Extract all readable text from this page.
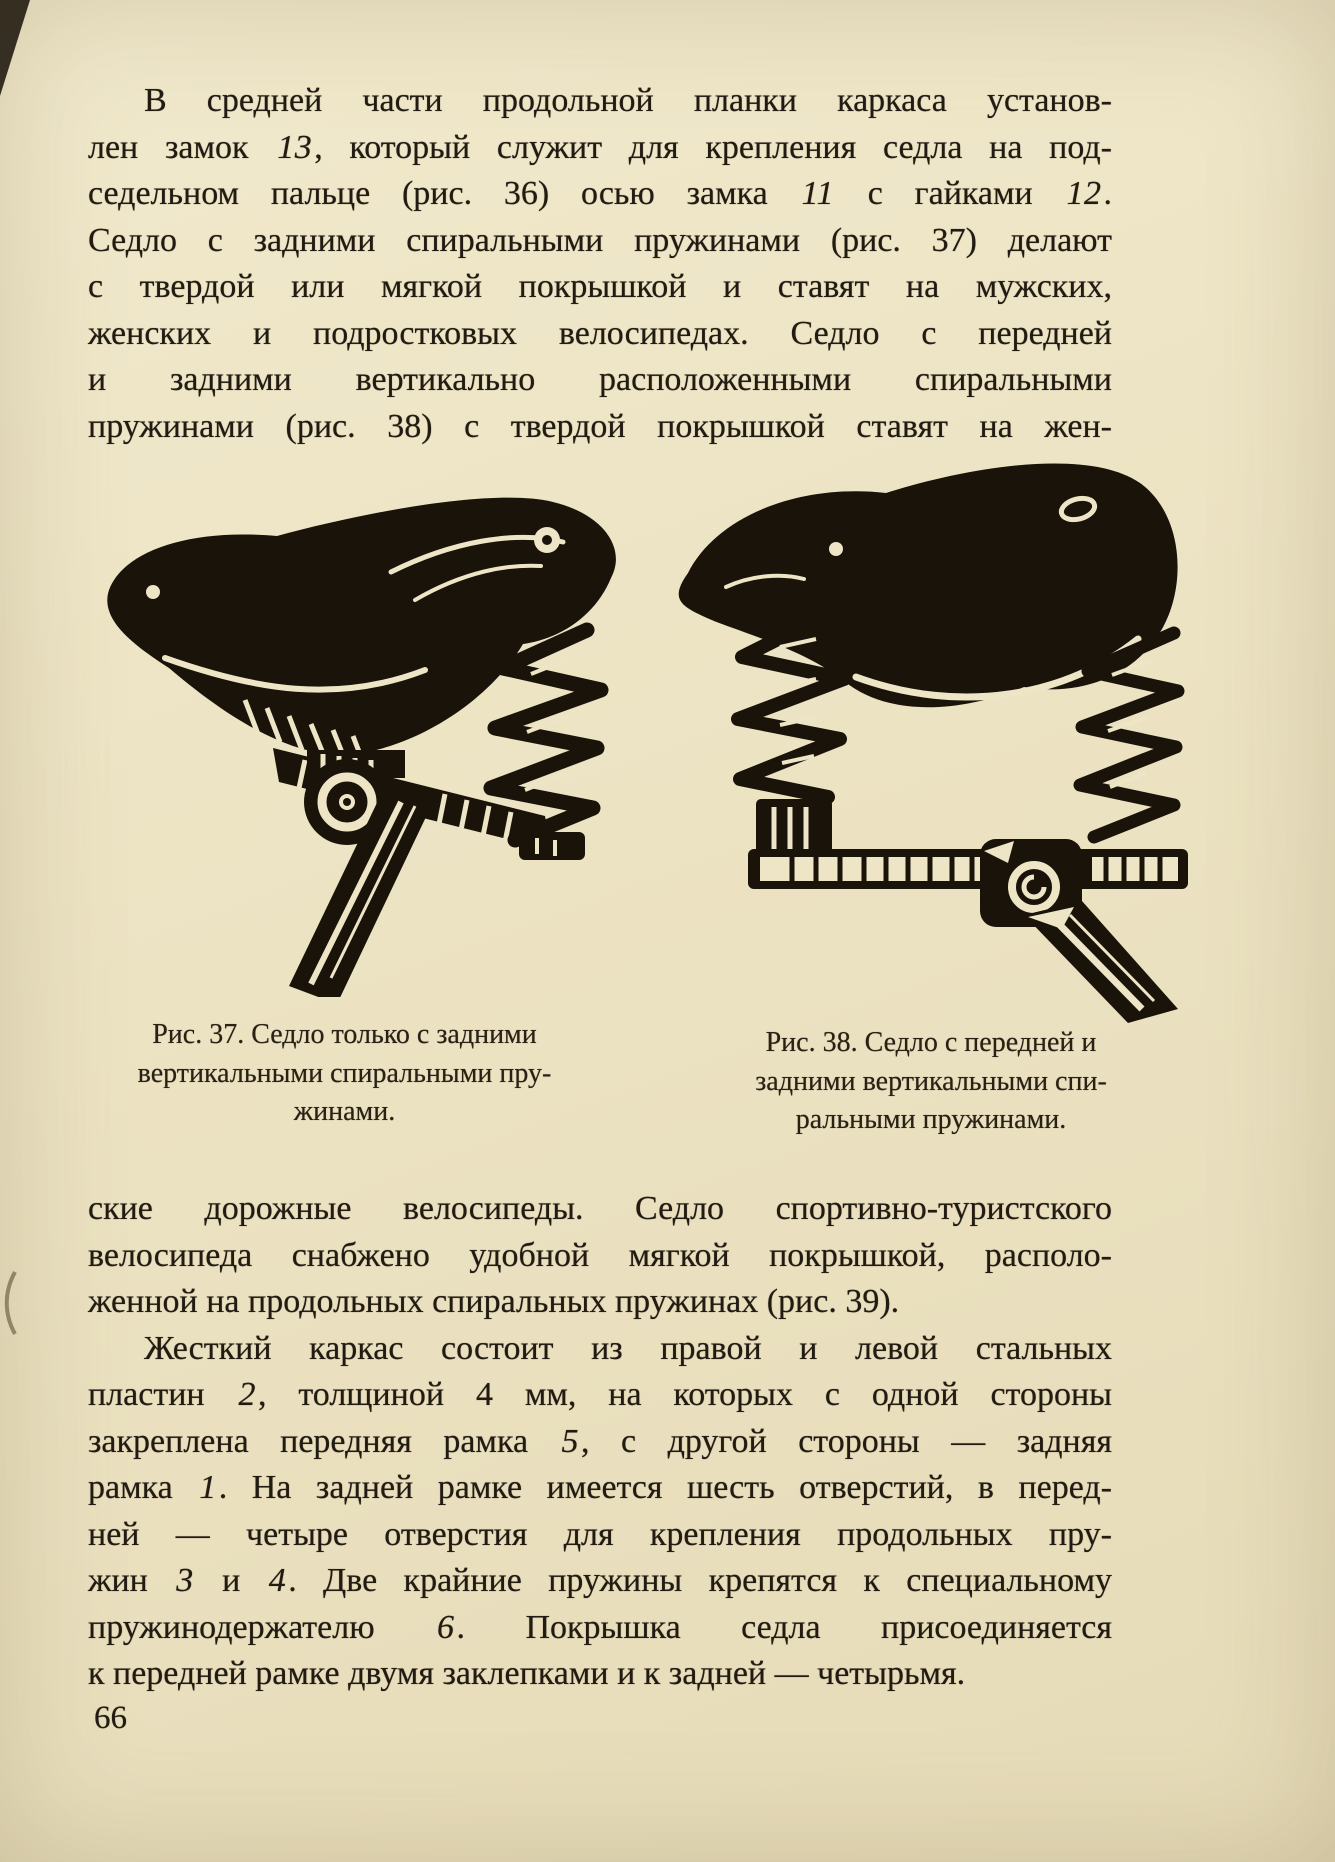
В средней части продольной планки каркаса установ-
лен замок 13, который служит для крепления седла на под-
седельном пальце (рис. 36) осью замка 11 с гайками 12.
Седло с задними спиральными пружинами (рис. 37) делают
с твердой или мягкой покрышкой и ставят на мужских,
женских и подростковых велосипедах. Седло с передней
и задними вертикально расположенными спиральными
пружинами (рис. 38) с твердой покрышкой ставят на жен-
Рис. 37. Седло только с задними
вертикальными спиральными пру-
жинами.
Рис. 38. Седло с передней и
задними вертикальными спи-
ральными пружинами.
ские дорожные велосипеды. Седло спортивно-туристского
велосипеда снабжено удобной мягкой покрышкой, располо-
женной на продольных спиральных пружинах (рис. 39).
Жесткий каркас состоит из правой и левой стальных
пластин 2, толщиной 4 мм, на которых с одной стороны
закреплена передняя рамка 5, с другой стороны — задняя
рамка 1. На задней рамке имеется шесть отверстий, в перед-
ней — четыре отверстия для крепления продольных пру-
жин 3 и 4. Две крайние пружины крепятся к специальному
пружинодержателю 6. Покрышка седла присоединяется
к передней рамке двумя заклепками и к задней — четырьмя.
66
